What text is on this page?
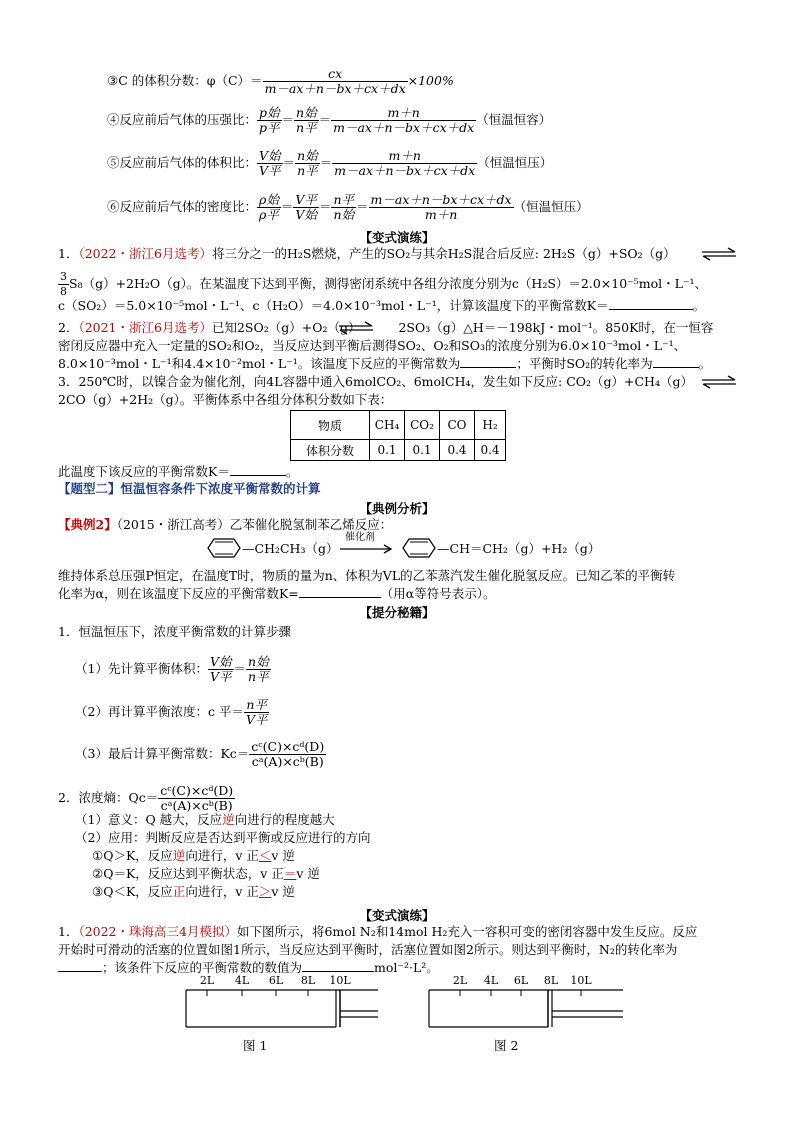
③C 的体积分数：$\varphi(C)= \frac{cx}{m-ax+n-bx+cx+dx} \times 100\%$
④反应前后气体的压强比： $\frac{\text{p始}}{\text{p平}} = \frac{\text{n始}}{\text{n平}} = \frac{m+n}{m-ax+n-bx+cx+dx}$ （恒温恒容）
⑤反应前后气体的体积比： $\frac{\text{V始}}{\text{V平}} = \frac{\text{n始}}{\text{n平}} = \frac{m+n}{m-ax+n-bx+cx+dx}$ （恒温恒压）
⑥反应前后气体的密度比： $\frac{\text{ρ始}}{\text{ρ平}} = \frac{\text{V平}}{\text{V始}} = \frac{\text{n平}}{\text{n始}} = \frac{m-ax+n-bx+cx+dx}{m+n}$ （恒温恒压）
【变式演练】
1．（2022・浙江6月选考）将三分之一的H₂S燃烧，产生的SO₂与其余H₂S混合后反应: 2H₂S（g）+SO₂（g）
$\frac{3}{8} S_8(g)+2H_2O(g)$。在某温度下达到平衡，测得密闭系统中各组分浓度分别为c（H₂S）＝2.0×10⁻⁵mol・L⁻¹、
c（SO₂）＝5.0×10⁻⁵mol・L⁻¹、c（H₂O）＝4.0×10⁻³mol・L⁻¹，计算该温度下的平衡常数K＝	。
2．（2021・浙江6月选考）已知2SO₂（g）+O₂（g）	2SO₃（g）△H＝－198kJ・mol⁻¹。850K时，在一恒容
密闭反应器中充入一定量的SO₂和O₂，当反应达到平衡后测得SO₂、O₂和SO₃的浓度分别为6.0×10⁻³mol・L⁻¹、
8.0×10⁻³mol・L⁻¹和4.4×10⁻²mol・L⁻¹。该温度下反应的平衡常数为	；平衡时SO₂的转化率为	。
3．250℃时，以镍合金为催化剂，向4L容器中通入6molCO₂、6molCH₄，发生如下反应: CO₂（g）+CH₄（g） ⇌
2CO（g）+2H₂（g）。平衡体系中各组分体积分数如下表：
物质	CH₄	CO₂	CO	H₂
体积分数	0.1	0.1	0.4	0.4
此温度下该反应的平衡常数K＝	。
【题型二】恒温恒容条件下浓度平衡常数的计算
【典例分析】
【典例2】（2015・浙江高考）乙苯催化脱氢制苯乙烯反应：
—CH₂CH₃（g）
催化剂
—CH＝CH₂（g）+H₂（g）
维持体系总压强P恒定，在温度T时，物质的量为n、体积为VL的乙苯蒸汽发生催化脱氢反应。已知乙苯的平衡转
化率为α，则在该温度下反应的平衡常数K=	（用α等符号表示）。
【提分秘籍】
1．恒温恒压下，浓度平衡常数的计算步骤
（1）先计算平衡体积： $\frac{\text{V始}}{\text{V平}} = \frac{\text{n始}}{\text{n平}}$
（2）再计算平衡浓度：c 平＝ $\frac{\text{n平}}{\text{V平}}$
（3）最后计算平衡常数：$Kc= \frac{\text{cᶜ(C)×cᵈ(D)}}{\text{cᵃ(A)×cᵇ(B)}}$
2．浓度熵：$Qc= \frac{\text{cᶜ(C)×cᵈ(D)}}{\text{cᵃ(A)×cᵇ(B)}}$
（1）意义：Q 越大，反应逆向进行的程度越大
（2）应用：判断反应是否达到平衡或反应进行的方向
①Q＞K，反应逆向进行，v 正＜v 逆
②Q＝K，反应达到平衡状态，v 正＝v 逆
③Q＜K，反应正向进行，v 正＞v 逆
【变式演练】
1．（2022・珠海高三4月模拟）如下图所示，将6mol N₂和14mol H₂充入一容积可变的密闭容器中发生反应。反应
开始时可滑动的活塞的位置如图1所示，当反应达到平衡时，活塞位置如图2所示。则达到平衡时，N₂的转化率为
；该条件下反应的平衡常数的数值为	mol⁻²·L²。
2L 4L 6L 8L 10L
图 1
2L 4L 6L 8L 10L
图 2
